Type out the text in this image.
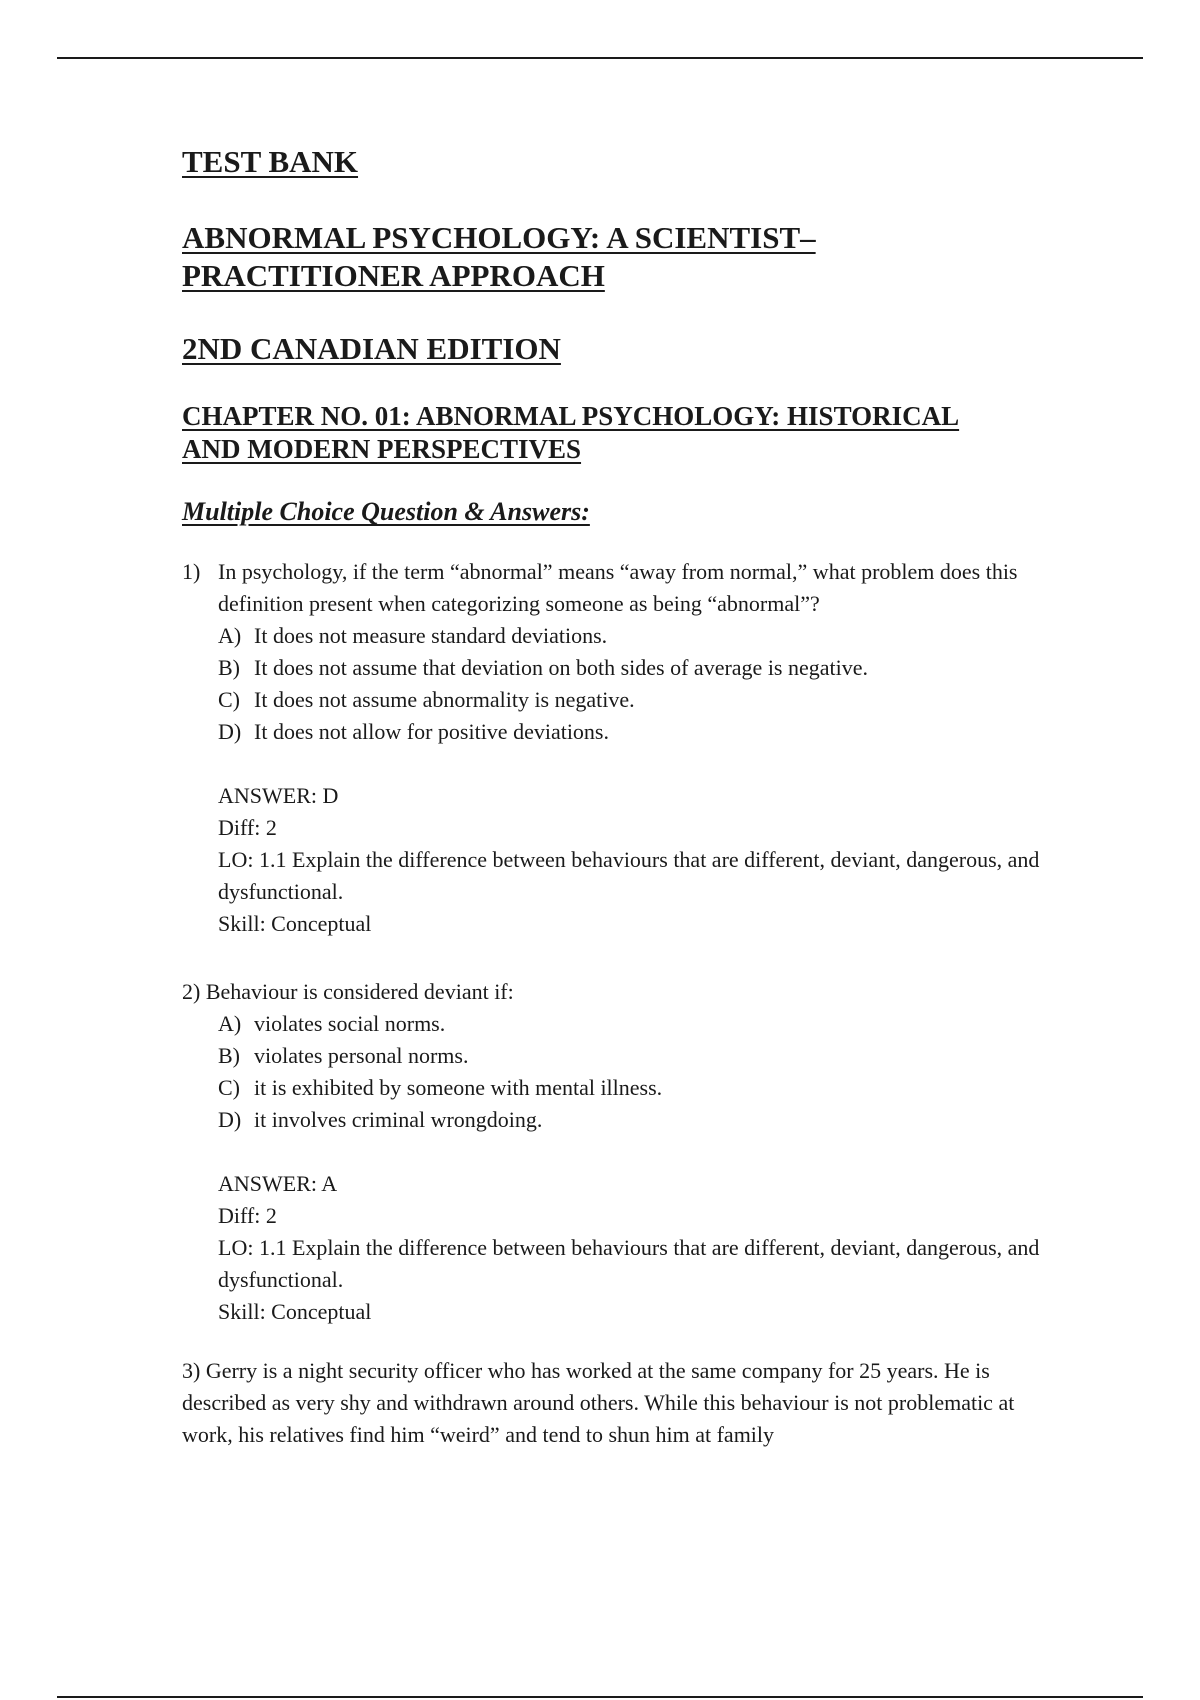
TEST BANK
ABNORMAL PSYCHOLOGY: A SCIENTIST–
PRACTITIONER APPROACH
2ND CANADIAN EDITION
CHAPTER NO. 01: ABNORMAL PSYCHOLOGY: HISTORICAL
AND MODERN PERSPECTIVES
Multiple Choice Question & Answers:
1) In psychology, if the term “abnormal” means “away from normal,” what problem does this definition present when categorizing someone as being “abnormal”?
A) It does not measure standard deviations.
B) It does not assume that deviation on both sides of average is negative.
C) It does not assume abnormality is negative.
D) It does not allow for positive deviations.
ANSWER: D
Diff: 2
LO: 1.1 Explain the difference between behaviours that are different, deviant, dangerous, and dysfunctional.
Skill: Conceptual
2) Behaviour is considered deviant if:
A) violates social norms.
B) violates personal norms.
C) it is exhibited by someone with mental illness.
D) it involves criminal wrongdoing.
ANSWER: A
Diff: 2
LO: 1.1 Explain the difference between behaviours that are different, deviant, dangerous, and dysfunctional.
Skill: Conceptual
3) Gerry is a night security officer who has worked at the same company for 25 years. He is described as very shy and withdrawn around others. While this behaviour is not problematic at work, his relatives find him “weird” and tend to shun him at family
